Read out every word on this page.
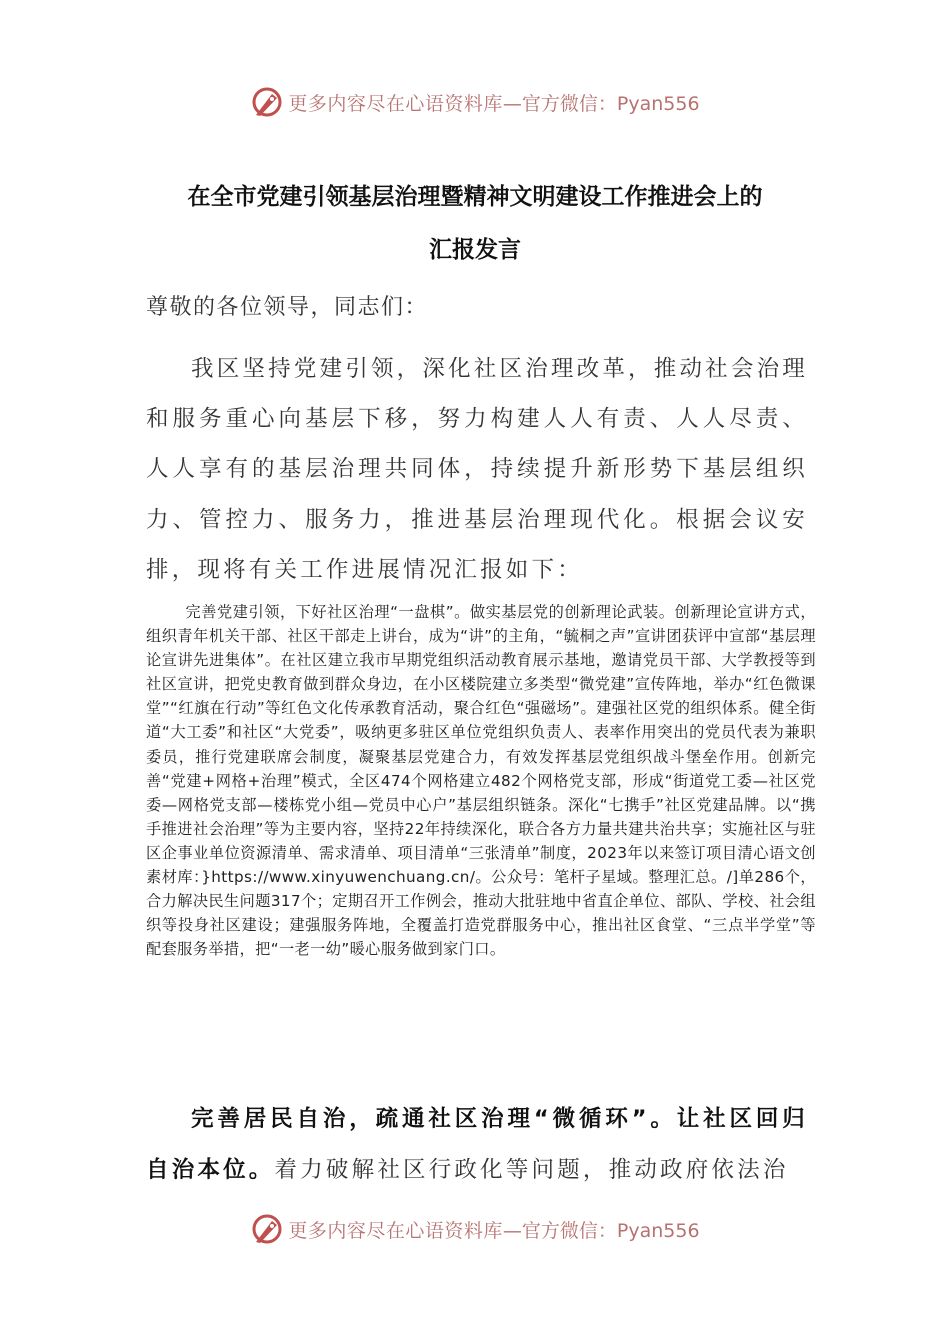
更多内容尽在心语资料库 —官方微信：Pyan556
在全市党建引领基层治理暨精神文明建设工作推进会上的
汇报发言
尊敬的各位领导，同志们：

我区坚持党建引领，深化社区治理改革，推动社会治理和服务重心向基层下移，努力构建人人有责、人人尽责、人人享有的基层治理共同体，持续提升新形势下基层组织力、管控力、服务力，推进基层治理现代化。根据会议安排，现将有关工作进展情况汇报如下：

完善党建引领，下好社区治理“一盘棋”。做实基层党的创新理论武装。创新理论宣讲方式，组织青年机关干部、社区干部走上讲台，成为“讲”的主角，“毓桐之声”宣讲团获评中宣部“基层理论宣讲先进集体”。在社区建立我市早期党组织活动教育展示基地，邀请党员干部、大学教授等到社区宣讲，把党史教育做到群众身边，在小区楼院建立多类型“微党建”宣传阵地，举办“红色微课堂”“红旗在行动”等红色文化传承教育活动，聚合红色“强磁场”。建强社区党的组织体系。健全街道“大工委”和社区“大党委”，吸纳更多驻区单位党组织负责人、表率作用突出的党员代表为兼职委员，推行党建联席会制度，凝聚基层党建合力，有效发挥基层党组织战斗堡垒作用。创新完善“党建+网格+治理”模式，全区474个网格建立482个网格党支部，形成“街道党工委—社区党委—网格党支部—楼栋党小组—党员中心户”基层组织链条。深化“七携手”社区党建品牌。以“携手推进社会治理”等为主要内容，坚持22年持续深化，联合各方力量共建共治共享；实施社区与驻区企事业单位资源清单、需求清单、项目清单“三张清单”制度，2023年以来签订项目清心语文创素材库：}https://www.xinyuwenchuang.cn/。公众号：笔杆子星域。整理汇总。/]单286个，合力解决民生问题317个；定期召开工作例会，推动大批驻地中省直企单位、部队、学校、社会组织等投身社区建设；建强服务阵地，全覆盖打造党群服务中心，推出社区食堂、“三点半学堂”等配套服务举措，把“一老一幼”暖心服务做到家门口。

完善居民自治，疏通社区治理“微循环”。让社区回归自治本位。着力破解社区行政化等问题，推动政府依法治

更多内容尽在心语资料库 —官方微信：Pyan556
